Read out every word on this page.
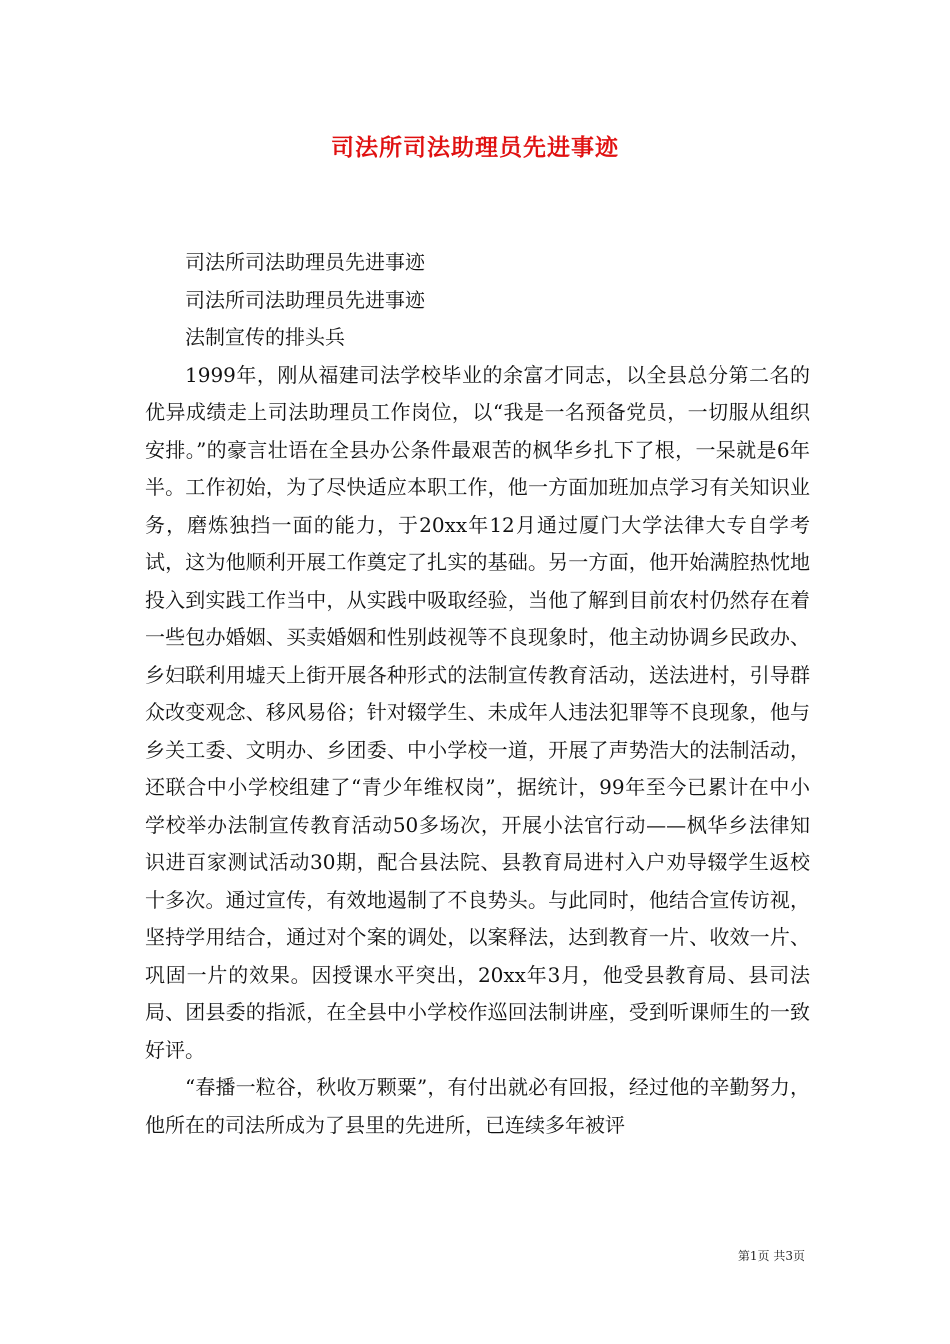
司法所司法助理员先进事迹

司法所司法助理员先进事迹

司法所司法助理员先进事迹

法制宣传的排头兵

1999年，刚从福建司法学校毕业的余富才同志，以全县总分第二名的优异成绩走上司法助理员工作岗位，以“我是一名预备党员，一切服从组织安排。”的豪言壮语在全县办公条件最艰苦的枫华乡扎下了根，一呆就是6年半。工作初始，为了尽快适应本职工作，他一方面加班加点学习有关知识业务，磨炼独挡一面的能力，于20xx年12月通过厦门大学法律大专自学考试，这为他顺利开展工作奠定了扎实的基础。另一方面，他开始满腔热忱地投入到实践工作当中，从实践中吸取经验，当他了解到目前农村仍然存在着一些包办婚姻、买卖婚姻和性别歧视等不良现象时，他主动协调乡民政办、乡妇联利用墟天上街开展各种形式的法制宣传教育活动，送法进村，引导群众改变观念、移风易俗；针对辍学生、未成年人违法犯罪等不良现象，他与乡关工委、文明办、乡团委、中小学校一道，开展了声势浩大的法制活动，还联合中小学校组建了“青少年维权岗”，据统计，99年至今已累计在中小学校举办法制宣传教育活动50多场次，开展小法官行动——枫华乡法律知识进百家测试活动30期，配合县法院、县教育局进村入户劝导辍学生返校十多次。通过宣传，有效地遏制了不良势头。与此同时，他结合宣传访视，坚持学用结合，通过对个案的调处，以案释法，达到教育一片、收效一片、巩固一片的效果。因授课水平突出，20xx年3月，他受县教育局、县司法局、团县委的指派，在全县中小学校作巡回法制讲座，受到听课师生的一致好评。

“春播一粒谷，秋收万颗粟”，有付出就必有回报，经过他的辛勤努力，他所在的司法所成为了县里的先进所，已连续多年被评

第1页 共3页
